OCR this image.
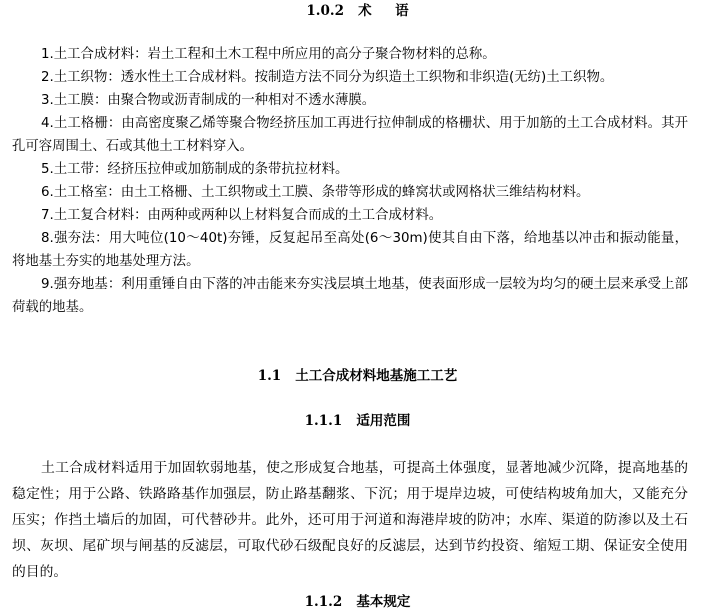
1.0.2   术     语
1.土工合成材料：岩土工程和土木工程中所应用的高分子聚合物材料的总称。
2.土工织物：透水性土工合成材料。按制造方法不同分为织造土工织物和非织造(无纺)土工织物。
3.土工膜：由聚合物或沥青制成的一种相对不透水薄膜。
4.土工格栅：由高密度聚乙烯等聚合物经挤压加工再进行拉伸制成的格栅状、用于加筋的土工合成材料。其开孔可容周围土、石或其他土工材料穿入。
5.土工带：经挤压拉伸或加筋制成的条带抗拉材料。
6.土工格室：由土工格栅、土工织物或土工膜、条带等形成的蜂窝状或网格状三维结构材料。
7.土工复合材料：由两种或两种以上材料复合而成的土工合成材料。
8.强夯法：用大吨位(10～40t)夯锤，反复起吊至高处(6～30m)使其自由下落，给地基以冲击和振动能量，将地基土夯实的地基处理方法。
9.强夯地基：利用重锤自由下落的冲击能来夯实浅层填土地基，使表面形成一层较为均匀的硬土层来承受上部荷载的地基。
1.1   土工合成材料地基施工工艺
1.1.1   适用范围
土工合成材料适用于加固软弱地基，使之形成复合地基，可提高土体强度，显著地减少沉降，提高地基的稳定性；用于公路、铁路路基作加强层，防止路基翻浆、下沉；用于堤岸边坡，可使结构坡角加大，又能充分压实；作挡土墙后的加固，可代替砂井。此外，还可用于河道和海港岸坡的防冲；水库、渠道的防渗以及土石坝、灰坝、尾矿坝与闸基的反滤层，可取代砂石级配良好的反滤层，达到节约投资、缩短工期、保证安全使用的目的。
1.1.2   基本规定
